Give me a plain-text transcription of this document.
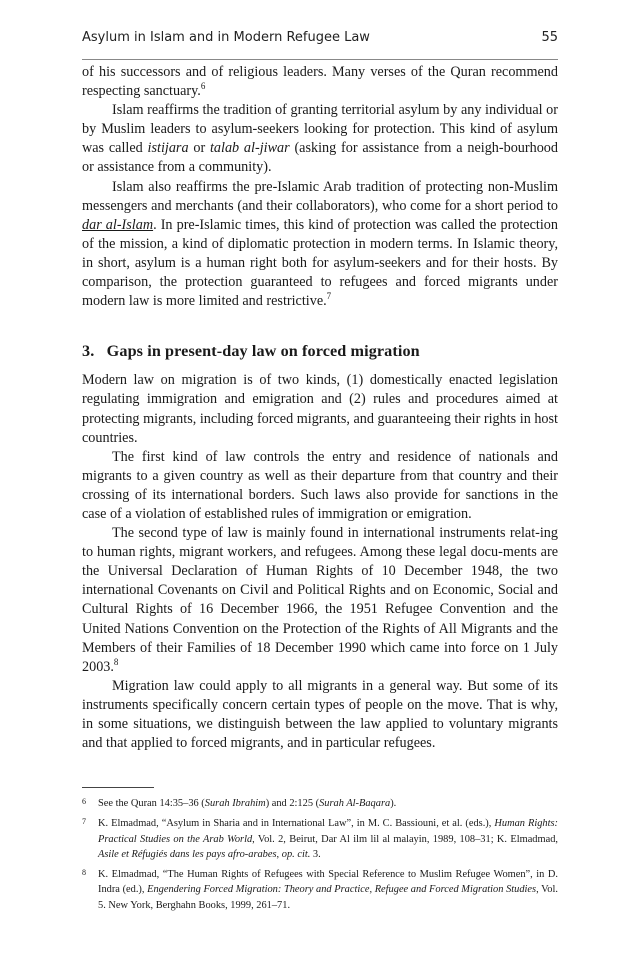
Asylum in Islam and in Modern Refugee Law	55

of his successors and of religious leaders. Many verses of the Quran recommend respecting sanctuary.$^6$

Islam reaffirms the tradition of granting territorial asylum by any individual or by Muslim leaders to asylum-seekers looking for protection. This kind of asylum was called istijara or talab al-jiwar (asking for assistance from a neigh-bourhood or assistance from a community).

Islam also reaffirms the pre-Islamic Arab tradition of protecting non-Muslim messengers and merchants (and their collaborators), who come for a short period to dar al-Islam. In pre-Islamic times, this kind of protection was called the protection of the mission, a kind of diplomatic protection in modern terms. In Islamic theory, in short, asylum is a human right both for asylum-seekers and for their hosts. By comparison, the protection guaranteed to refugees and forced migrants under modern law is more limited and restrictive.$^7$

3.  Gaps in present-day law on forced migration

Modern law on migration is of two kinds, (1) domestically enacted legislation regulating immigration and emigration and (2) rules and procedures aimed at protecting migrants, including forced migrants, and guaranteeing their rights in host countries.

The first kind of law controls the entry and residence of nationals and migrants to a given country as well as their departure from that country and their crossing of its international borders. Such laws also provide for sanctions in the case of a violation of established rules of immigration or emigration.

The second type of law is mainly found in international instruments relat-ing to human rights, migrant workers, and refugees. Among these legal docu-ments are the Universal Declaration of Human Rights of 10 December 1948, the two international Covenants on Civil and Political Rights and on Economic, Social and Cultural Rights of 16 December 1966, the 1951 Refugee Convention and the United Nations Convention on the Protection of the Rights of All Migrants and the Members of their Families of 18 December 1990 which came into force on 1 July 2003.$^8$

Migration law could apply to all migrants in a general way. But some of its instruments specifically concern certain types of people on the move. That is why, in some situations, we distinguish between the law applied to voluntary migrants and that applied to forced migrants, and in particular refugees.

6	See the Quran 14:35–36 (Surah Ibrahim) and 2:125 (Surah Al-Baqara).
7	K. Elmadmad, “Asylum in Sharia and in International Law”, in M. C. Bassiouni, et al. (eds.), Human Rights: Practical Studies on the Arab World, Vol. 2, Beirut, Dar Al ilm lil al malayin, 1989, 108–31; K. Elmadmad, Asile et Réfugiés dans les pays afro-arabes, op. cit. 3.
8	K. Elmadmad, “The Human Rights of Refugees with Special Reference to Muslim Refugee Women”, in D. Indra (ed.), Engendering Forced Migration: Theory and Practice, Refugee and Forced Migration Studies, Vol. 5. New York, Berghahn Books, 1999, 261–71.
